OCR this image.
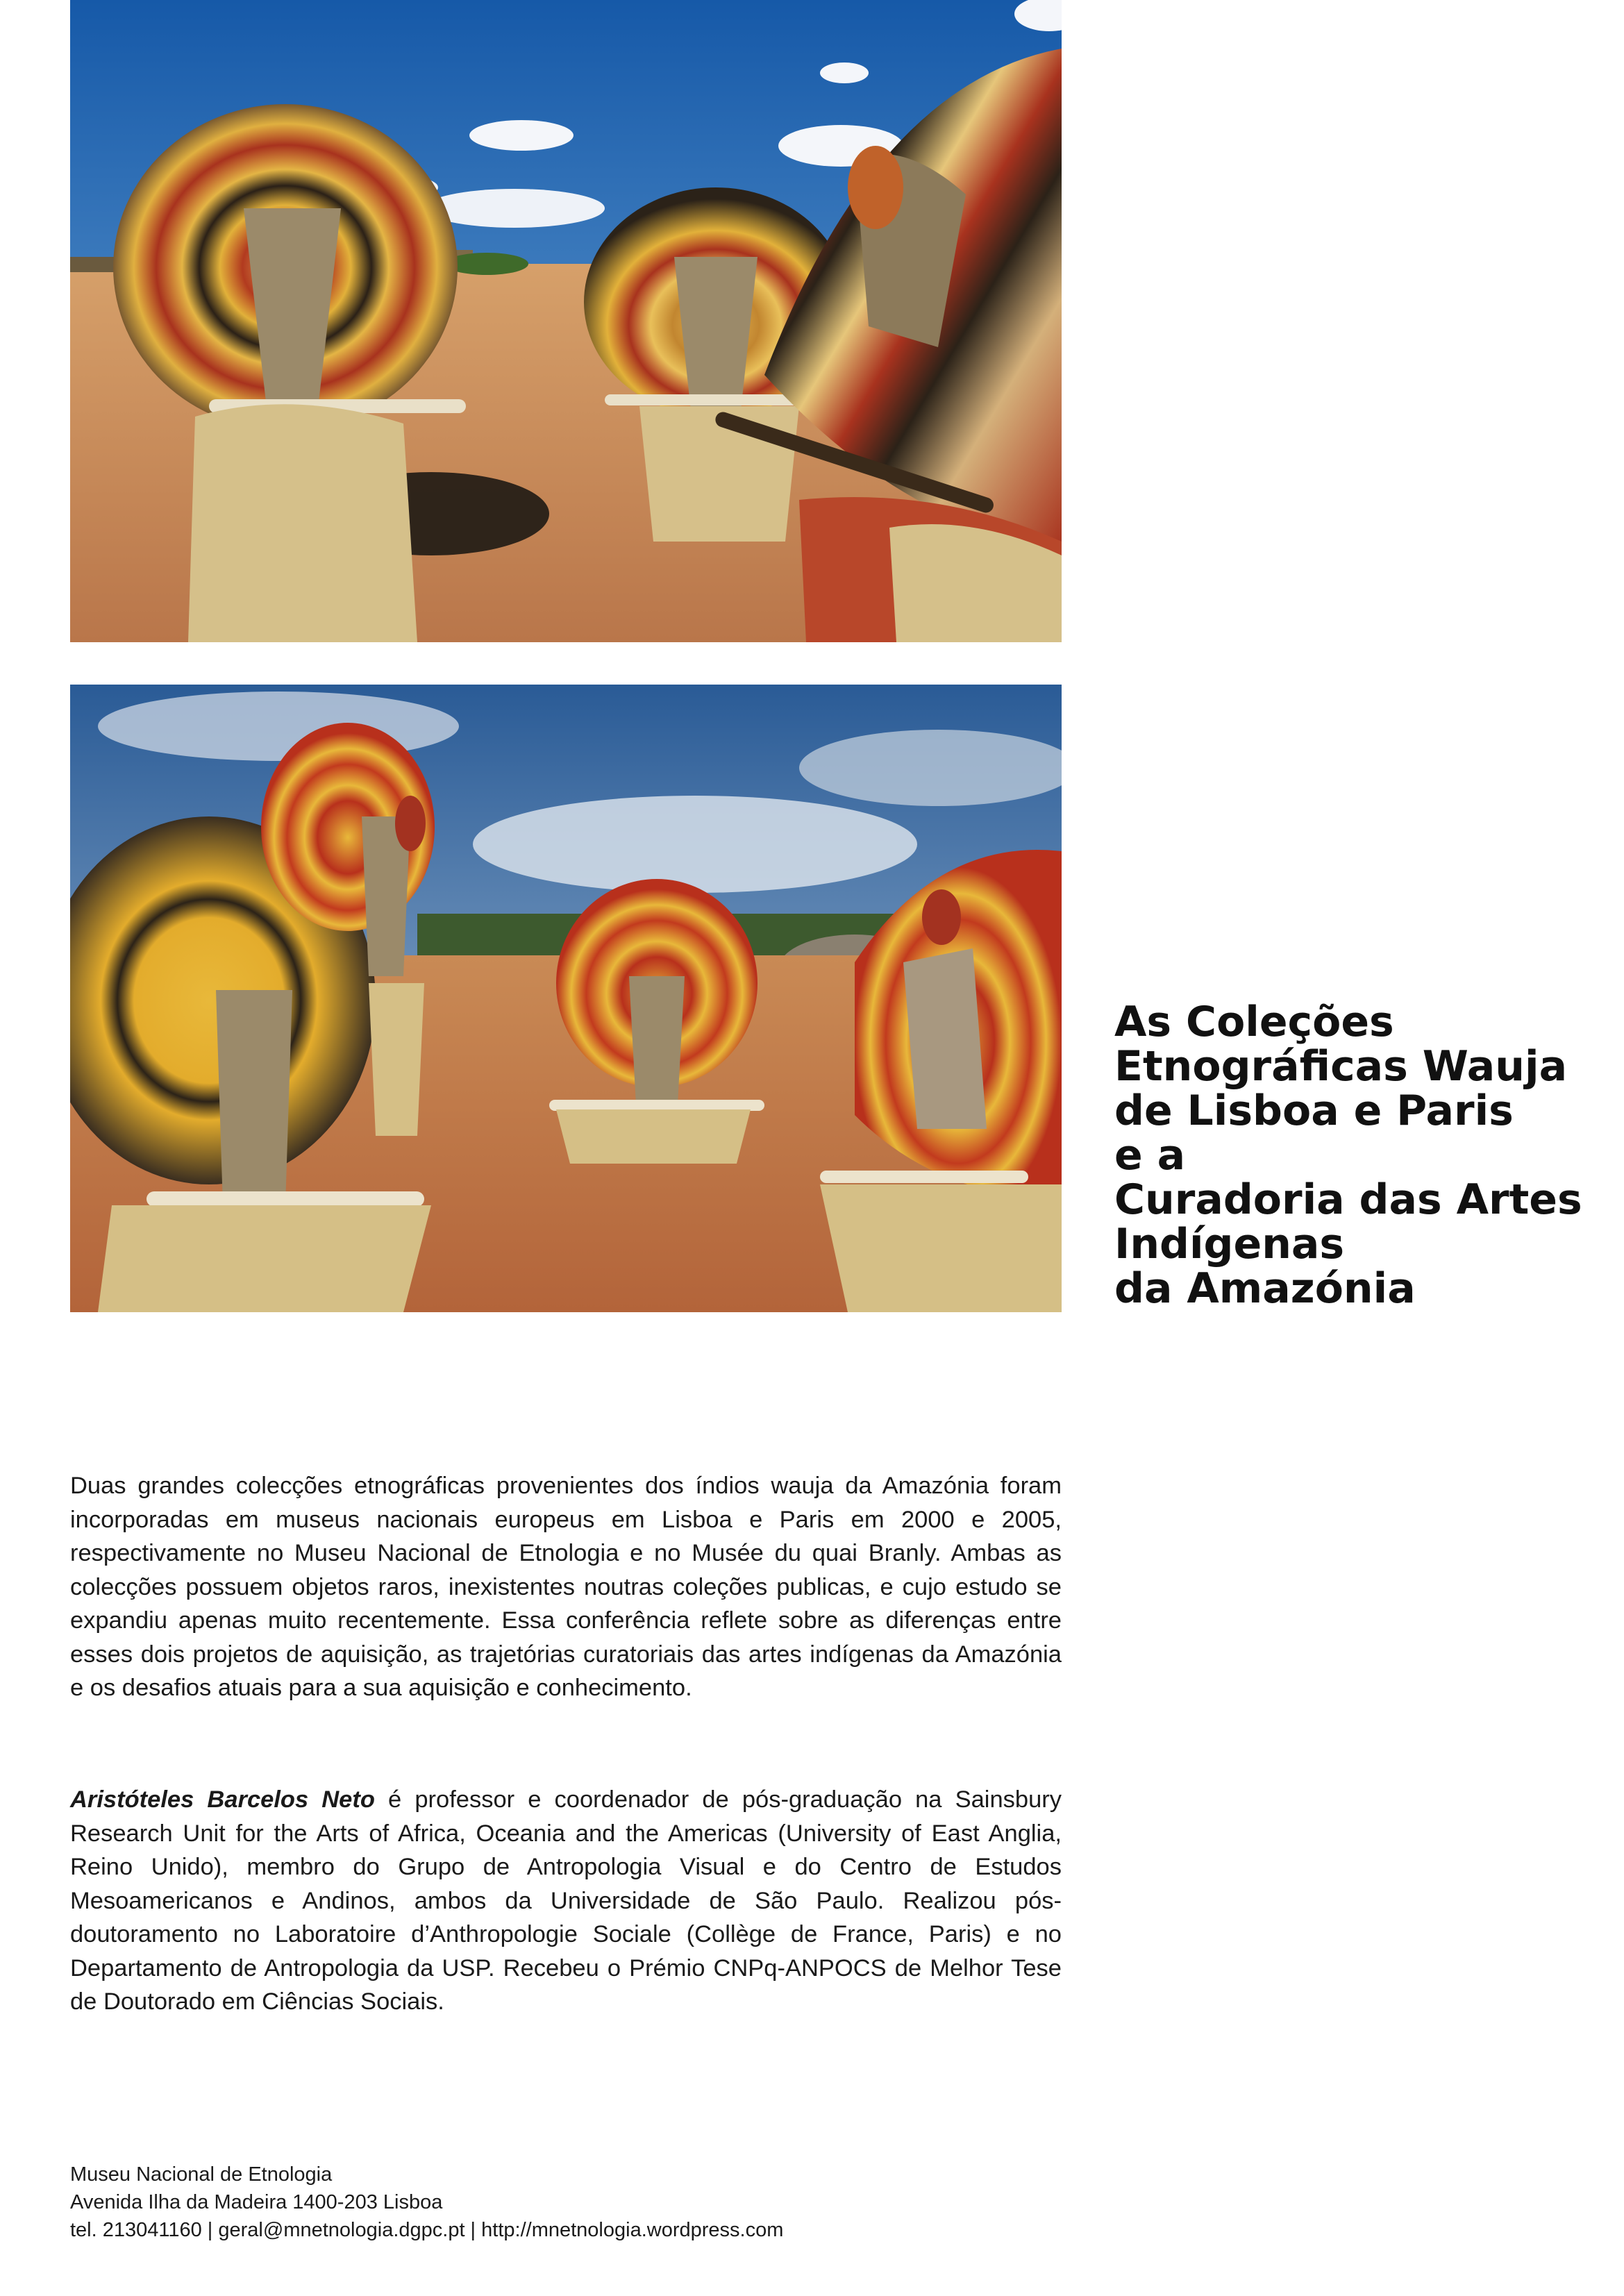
As Coleções
Etnográficas Wauja
de Lisboa e Paris
e a
Curadoria das Artes
Indígenas
da Amazónia

Duas grandes colecções etnográficas provenientes dos índios wauja da Amazónia foram incorporadas em museus nacionais europeus em Lisboa e Paris em 2000 e 2005, respectivamente no Museu Nacional de Etnologia e no Musée du quai Branly. Ambas as colecções possuem objetos raros, inexistentes noutras coleções publicas, e cujo estudo se expandiu apenas muito recentemente. Essa conferência reflete sobre as diferenças entre esses dois projetos de aquisição, as trajetórias curatoriais das artes indígenas da Amazónia e os desafios atuais para a sua aquisição e conhecimento.

Aristóteles Barcelos Neto é professor e coordenador de pós-graduação na Sainsbury Research Unit for the Arts of Africa, Oceania and the Americas (University of East Anglia, Reino Unido), membro do Grupo de Antropologia Visual e do Centro de Estudos Mesoamericanos e Andinos, ambos da Universidade de São Paulo. Realizou pós-doutoramento no Laboratoire d’Anthropologie Sociale (Collège de France, Paris) e no Departamento de Antropologia da USP. Recebeu o Prémio CNPq-ANPOCS de Melhor Tese de Doutorado em Ciências Sociais.

Museu Nacional de Etnologia
Avenida Ilha da Madeira 1400-203 Lisboa
tel. 213041160 | geral@mnetnologia.dgpc.pt | http://mnetnologia.wordpress.com
